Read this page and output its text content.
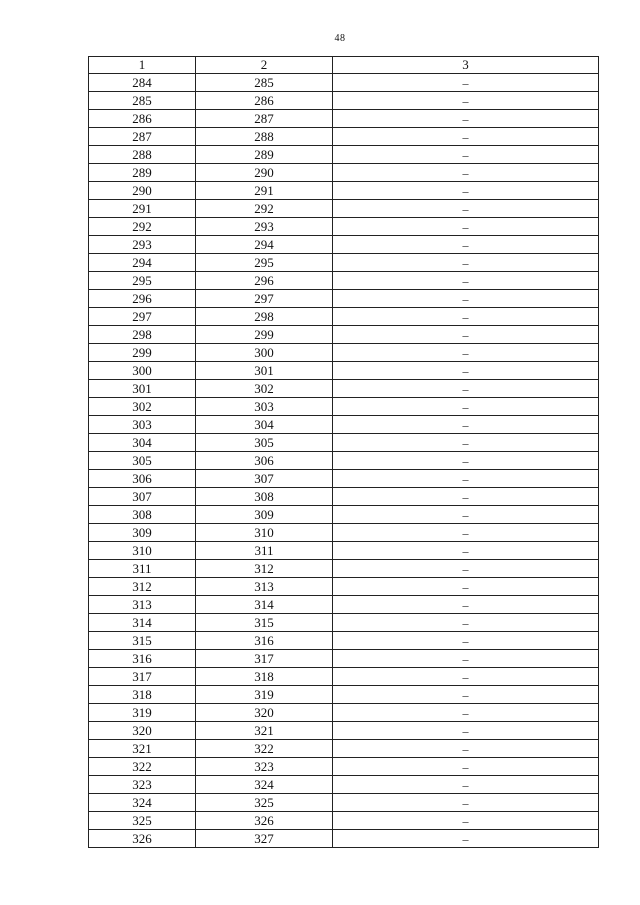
48
1	2	3
284	285	–
285	286	–
286	287	–
287	288	–
288	289	–
289	290	–
290	291	–
291	292	–
292	293	–
293	294	–
294	295	–
295	296	–
296	297	–
297	298	–
298	299	–
299	300	–
300	301	–
301	302	–
302	303	–
303	304	–
304	305	–
305	306	–
306	307	–
307	308	–
308	309	–
309	310	–
310	311	–
311	312	–
312	313	–
313	314	–
314	315	–
315	316	–
316	317	–
317	318	–
318	319	–
319	320	–
320	321	–
321	322	–
322	323	–
323	324	–
324	325	–
325	326	–
326	327	–
